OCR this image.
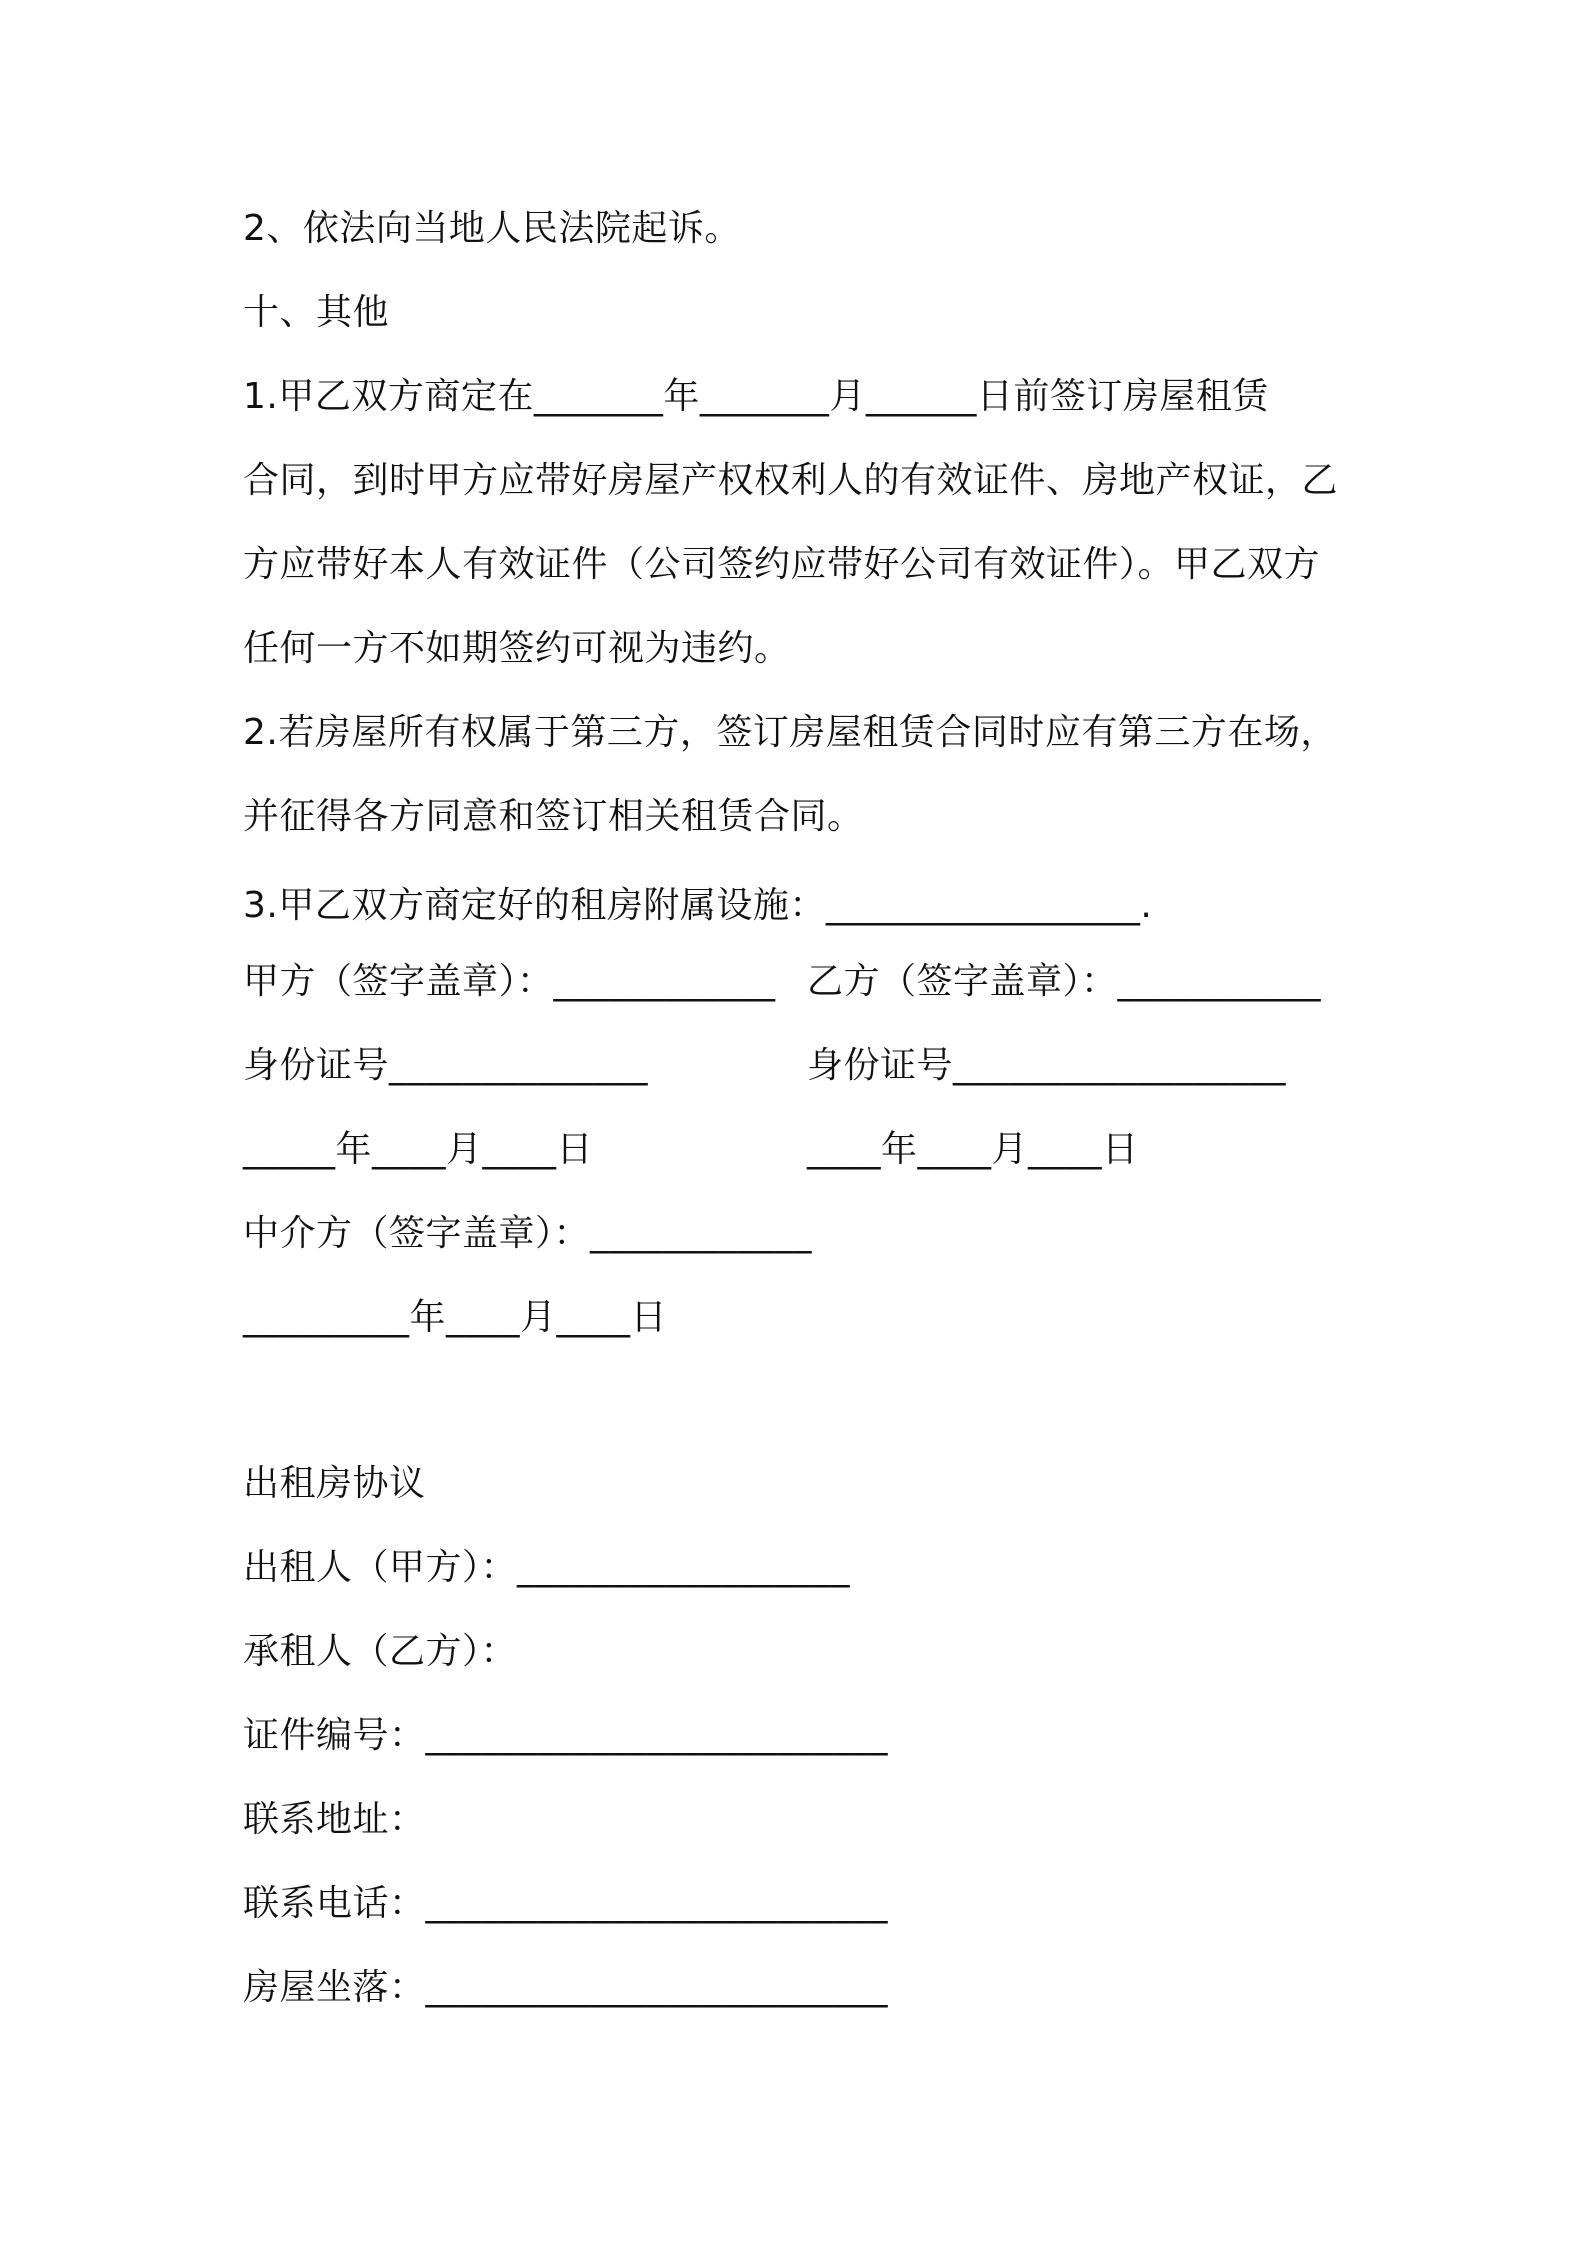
2、依法向当地人民法院起诉。
十、其他
1.甲乙双方商定在_______年_______月______日前签订房屋租赁
合同，到时甲方应带好房屋产权权利人的有效证件、房地产权证，乙
方应带好本人有效证件（公司签约应带好公司有效证件）。甲乙双方
任何一方不如期签约可视为违约。
2.若房屋所有权属于第三方，签订房屋租赁合同时应有第三方在场，
并征得各方同意和签订相关租赁合同。
3.甲乙双方商定好的租房附属设施：_________________.
甲方（签字盖章）：____________ 乙方（签字盖章）：___________
身份证号______________	身份证号__________________
_____年____月____日	____年____月____日
中介方（签字盖章）：____________
_________年____月____日
出租房协议
出租人（甲方）：__________________
承租人（乙方）：
证件编号：_________________________
联系地址：
联系电话：_________________________
房屋坐落：_________________________
